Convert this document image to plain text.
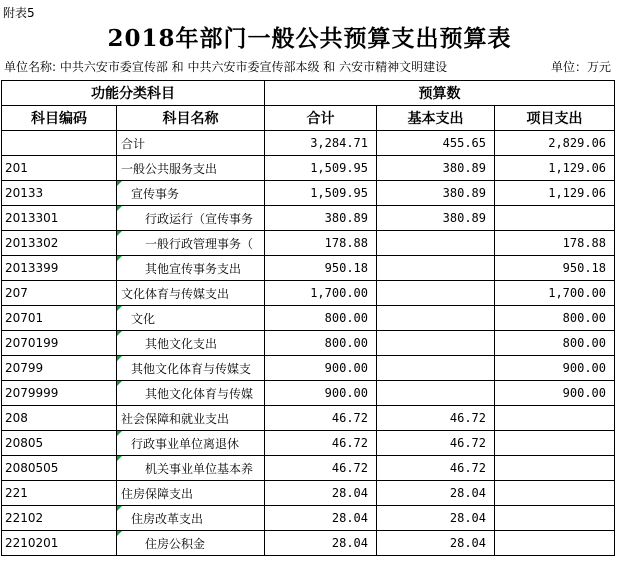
附表5
2018年部门一般公共预算支出预算表
单位名称: 中共六安市委宣传部 和 中共六安市委宣传部本级 和 六安市精神文明建设	单位：万元
功能分类科目		预算数		
科目编码	科目名称	合计	基本支出	项目支出
	合计	3,284.71	455.65	2,829.06
201	一般公共服务支出	1,509.95	380.89	1,129.06
20133	宣传事务	1,509.95	380.89	1,129.06
2013301	行政运行（宣传事务	380.89	380.89	
2013302	一般行政管理事务（	178.88		178.88
2013399	其他宣传事务支出	950.18		950.18
207	文化体育与传媒支出	1,700.00		1,700.00
20701	文化	800.00		800.00
2070199	其他文化支出	800.00		800.00
20799	其他文化体育与传媒支	900.00		900.00
2079999	其他文化体育与传媒	900.00		900.00
208	社会保障和就业支出	46.72	46.72	
20805	行政事业单位离退休	46.72	46.72	
2080505	机关事业单位基本养	46.72	46.72	
221	住房保障支出	28.04	28.04	
22102	住房改革支出	28.04	28.04	
2210201	住房公积金	28.04	28.04	
